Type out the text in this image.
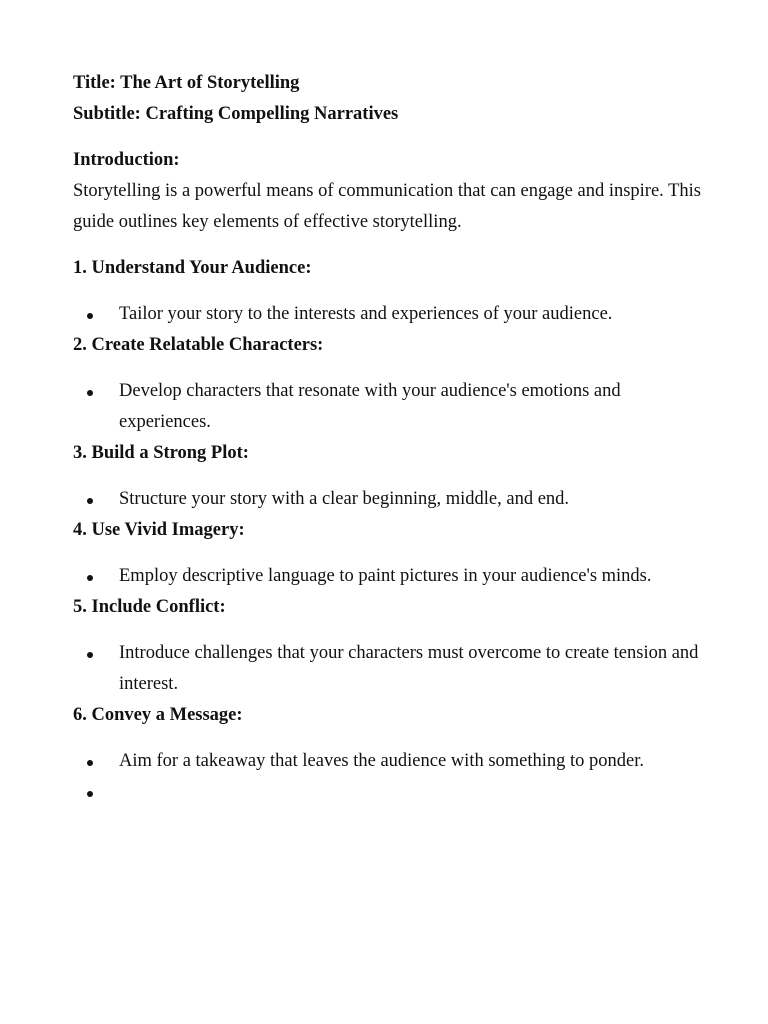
Title: The Art of Storytelling

Subtitle: Crafting Compelling Narratives

Introduction:

Storytelling is a powerful means of communication that can engage and inspire. This guide outlines key elements of effective storytelling.

1. Understand Your Audience:

Tailor your story to the interests and experiences of your audience.

2. Create Relatable Characters:

Develop characters that resonate with your audience's emotions and experiences.

3. Build a Strong Plot:

Structure your story with a clear beginning, middle, and end.

4. Use Vivid Imagery:

Employ descriptive language to paint pictures in your audience's minds.

5. Include Conflict:

Introduce challenges that your characters must overcome to create tension and interest.

6. Convey a Message:

Aim for a takeaway that leaves the audience with something to ponder.
